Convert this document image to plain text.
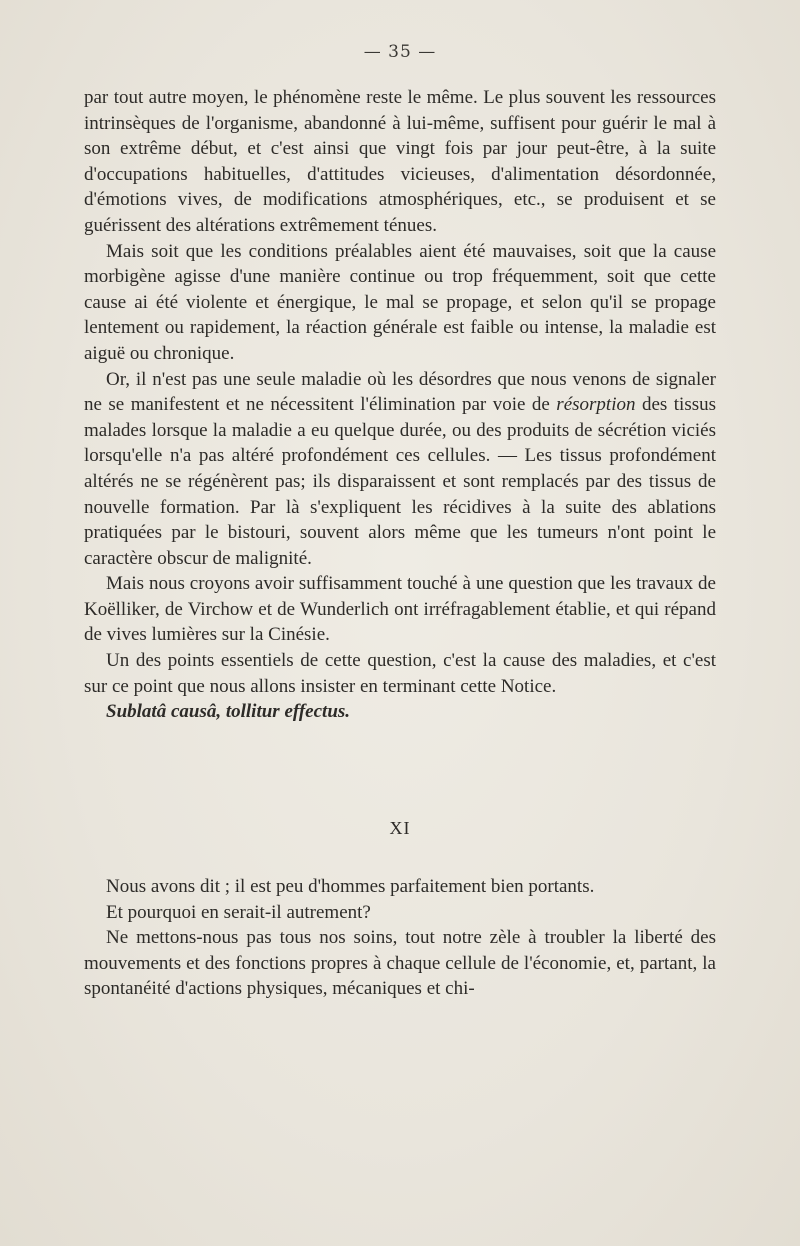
— 35 —

par tout autre moyen, le phénomène reste le même. Le plus souvent les ressources intrinsèques de l'organisme, abandonné à lui-même, suffisent pour guérir le mal à son extrême début, et c'est ainsi que vingt fois par jour peut-être, à la suite d'occupations habituelles, d'attitudes vicieuses, d'alimentation désordonnée, d'émotions vives, de modifications atmosphériques, etc., se produisent et se guérissent des altérations extrêmement ténues.

Mais soit que les conditions préalables aient été mauvaises, soit que la cause morbigène agisse d'une manière continue ou trop fréquemment, soit que cette cause ai été violente et énergique, le mal se propage, et selon qu'il se propage lentement ou rapidement, la réaction générale est faible ou intense, la maladie est aiguë ou chronique.

Or, il n'est pas une seule maladie où les désordres que nous venons de signaler ne se manifestent et ne nécessitent l'élimination par voie de résorption des tissus malades lorsque la maladie a eu quelque durée, ou des produits de sécrétion viciés lorsqu'elle n'a pas altéré profondément ces cellules. — Les tissus profondément altérés ne se régénèrent pas; ils disparaissent et sont remplacés par des tissus de nouvelle formation. Par là s'expliquent les récidives à la suite des ablations pratiquées par le bistouri, souvent alors même que les tumeurs n'ont point le caractère obscur de malignité.

Mais nous croyons avoir suffisamment touché à une question que les travaux de Koëlliker, de Virchow et de Wunderlich ont irréfragablement établie, et qui répand de vives lumières sur la Cinésie.

Un des points essentiels de cette question, c'est la cause des maladies, et c'est sur ce point que nous allons insister en terminant cette Notice.

Sublatâ causâ, tollitur effectus.

XI

Nous avons dit ; il est peu d'hommes parfaitement bien portants.

Et pourquoi en serait-il autrement?

Ne mettons-nous pas tous nos soins, tout notre zèle à troubler la liberté des mouvements et des fonctions propres à chaque cellule de l'économie, et, partant, la spontanéité d'actions physiques, mécaniques et chi-
